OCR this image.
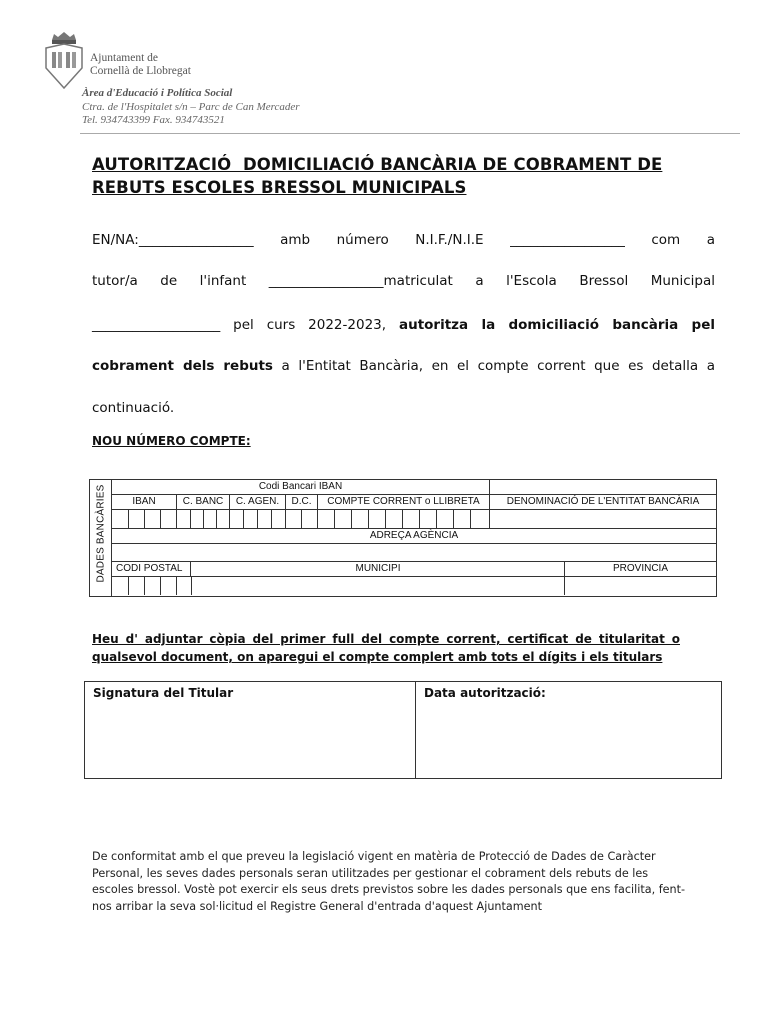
Ajuntament de
Cornellà de Llobregat
Àrea d'Educació i Política Social
Ctra. de l'Hospitalet s/n – Parc de Can Mercader
Tel. 934743399 Fax. 934743521
AUTORITZACIÓ  DOMICILIACIÓ BANCÀRIA DE COBRAMENT DE
REBUTS ESCOLES BRESSOL MUNICIPALS
EN/NA:_________________ amb número N.I.F./N.I.E _________________ com a
tutor/a de l'infant _________________matriculat a l'Escola Bressol Municipal
___________________ pel curs 2022-2023, autoritza la domiciliació bancària pel
cobrament dels rebuts a l'Entitat Bancària, en el compte corrent que es detalla a
continuació.
NOU NÚMERO COMPTE:
DADES BANCÀRIES	Codi Bancari IBAN
IBAN	C. BANC	C. AGEN.	D.C.	COMPTE CORRENT o LLIBRETA	DENOMINACIÓ DE L'ENTITAT BANCÀRIA
ADREÇA AGÈNCIA
CODI POSTAL	MUNICIPI	PROVINCIA
Heu d' adjuntar còpia del primer full del compte corrent, certificat de titularitat o qualsevol document, on aparegui el compte complert amb tots el dígits i els titulars
Signatura del Titular	Data autorització:
De conformitat amb el que preveu la legislació vigent en matèria de Protecció de Dades de Caràcter Personal, les seves dades personals seran utilitzades per gestionar el cobrament dels rebuts de les escoles bressol. Vostè pot exercir els seus drets previstos sobre les dades personals que ens facilita, fent-nos arribar la seva sol·licitud el Registre General d'entrada d'aquest Ajuntament
